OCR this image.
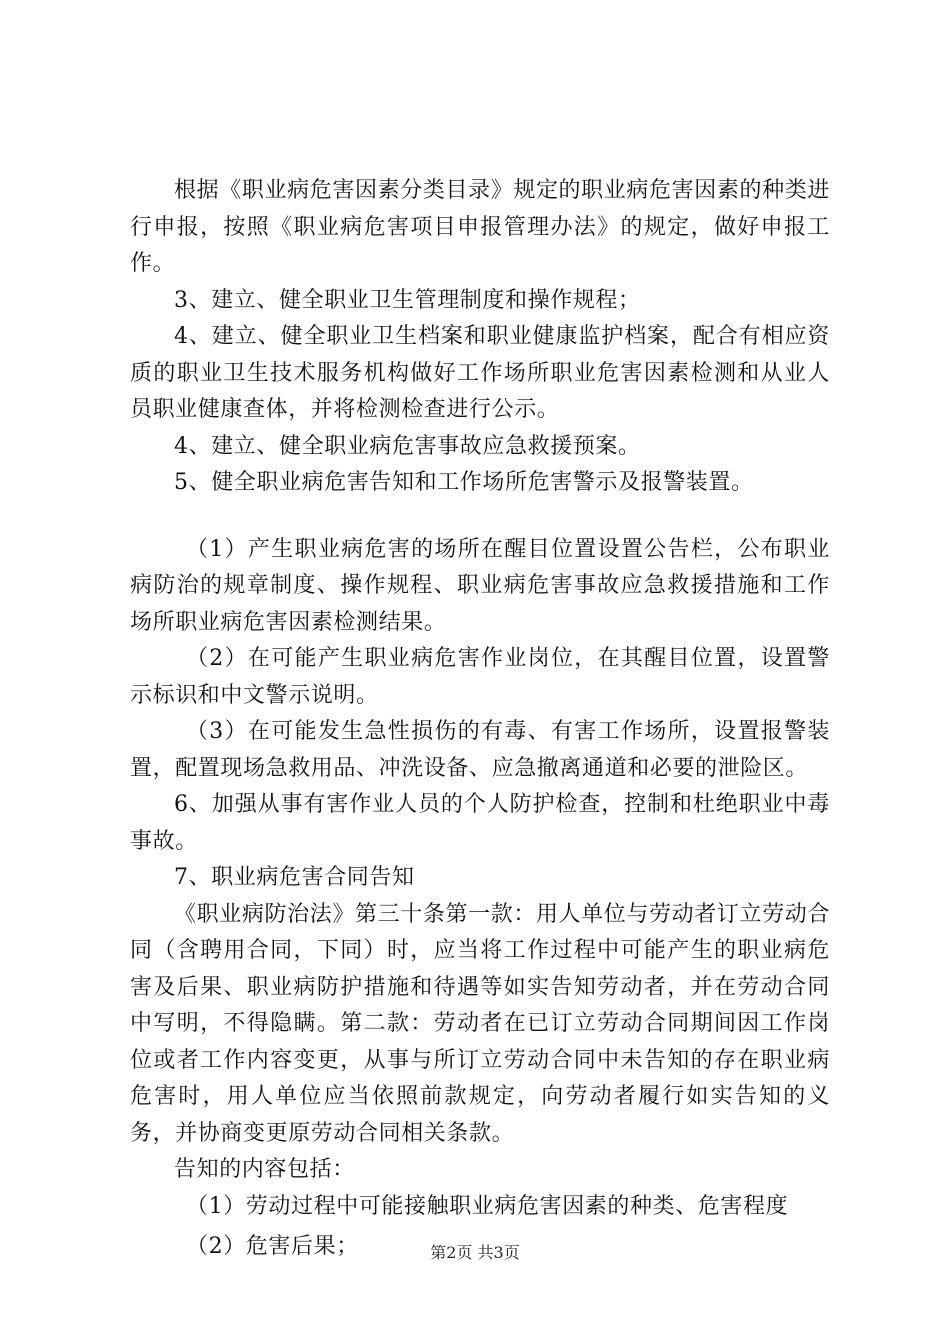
根据《职业病危害因素分类目录》规定的职业病危害因素的种类进行申报，按照《职业病危害项目申报管理办法》的规定，做好申报工作。

3、建立、健全职业卫生管理制度和操作规程；

4、建立、健全职业卫生档案和职业健康监护档案，配合有相应资质的职业卫生技术服务机构做好工作场所职业危害因素检测和从业人员职业健康查体，并将检测检查进行公示。

4、建立、健全职业病危害事故应急救援预案。

5、健全职业病危害告知和工作场所危害警示及报警装置。

（1）产生职业病危害的场所在醒目位置设置公告栏，公布职业病防治的规章制度、操作规程、职业病危害事故应急救援措施和工作场所职业病危害因素检测结果。

（2）在可能产生职业病危害作业岗位，在其醒目位置，设置警示标识和中文警示说明。

（3）在可能发生急性损伤的有毒、有害工作场所，设置报警装置，配置现场急救用品、冲洗设备、应急撤离通道和必要的泄险区。

6、加强从事有害作业人员的个人防护检查，控制和杜绝职业中毒事故。

7、职业病危害合同告知

《职业病防治法》第三十条第一款：用人单位与劳动者订立劳动合同（含聘用合同，下同）时，应当将工作过程中可能产生的职业病危害及后果、职业病防护措施和待遇等如实告知劳动者，并在劳动合同中写明，不得隐瞒。第二款：劳动者在已订立劳动合同期间因工作岗位或者工作内容变更，从事与所订立劳动合同中未告知的存在职业病危害时，用人单位应当依照前款规定，向劳动者履行如实告知的义务，并协商变更原劳动合同相关条款。

告知的内容包括：

（1）劳动过程中可能接触职业病危害因素的种类、危害程度

（2）危害后果；	第2页 共3页
